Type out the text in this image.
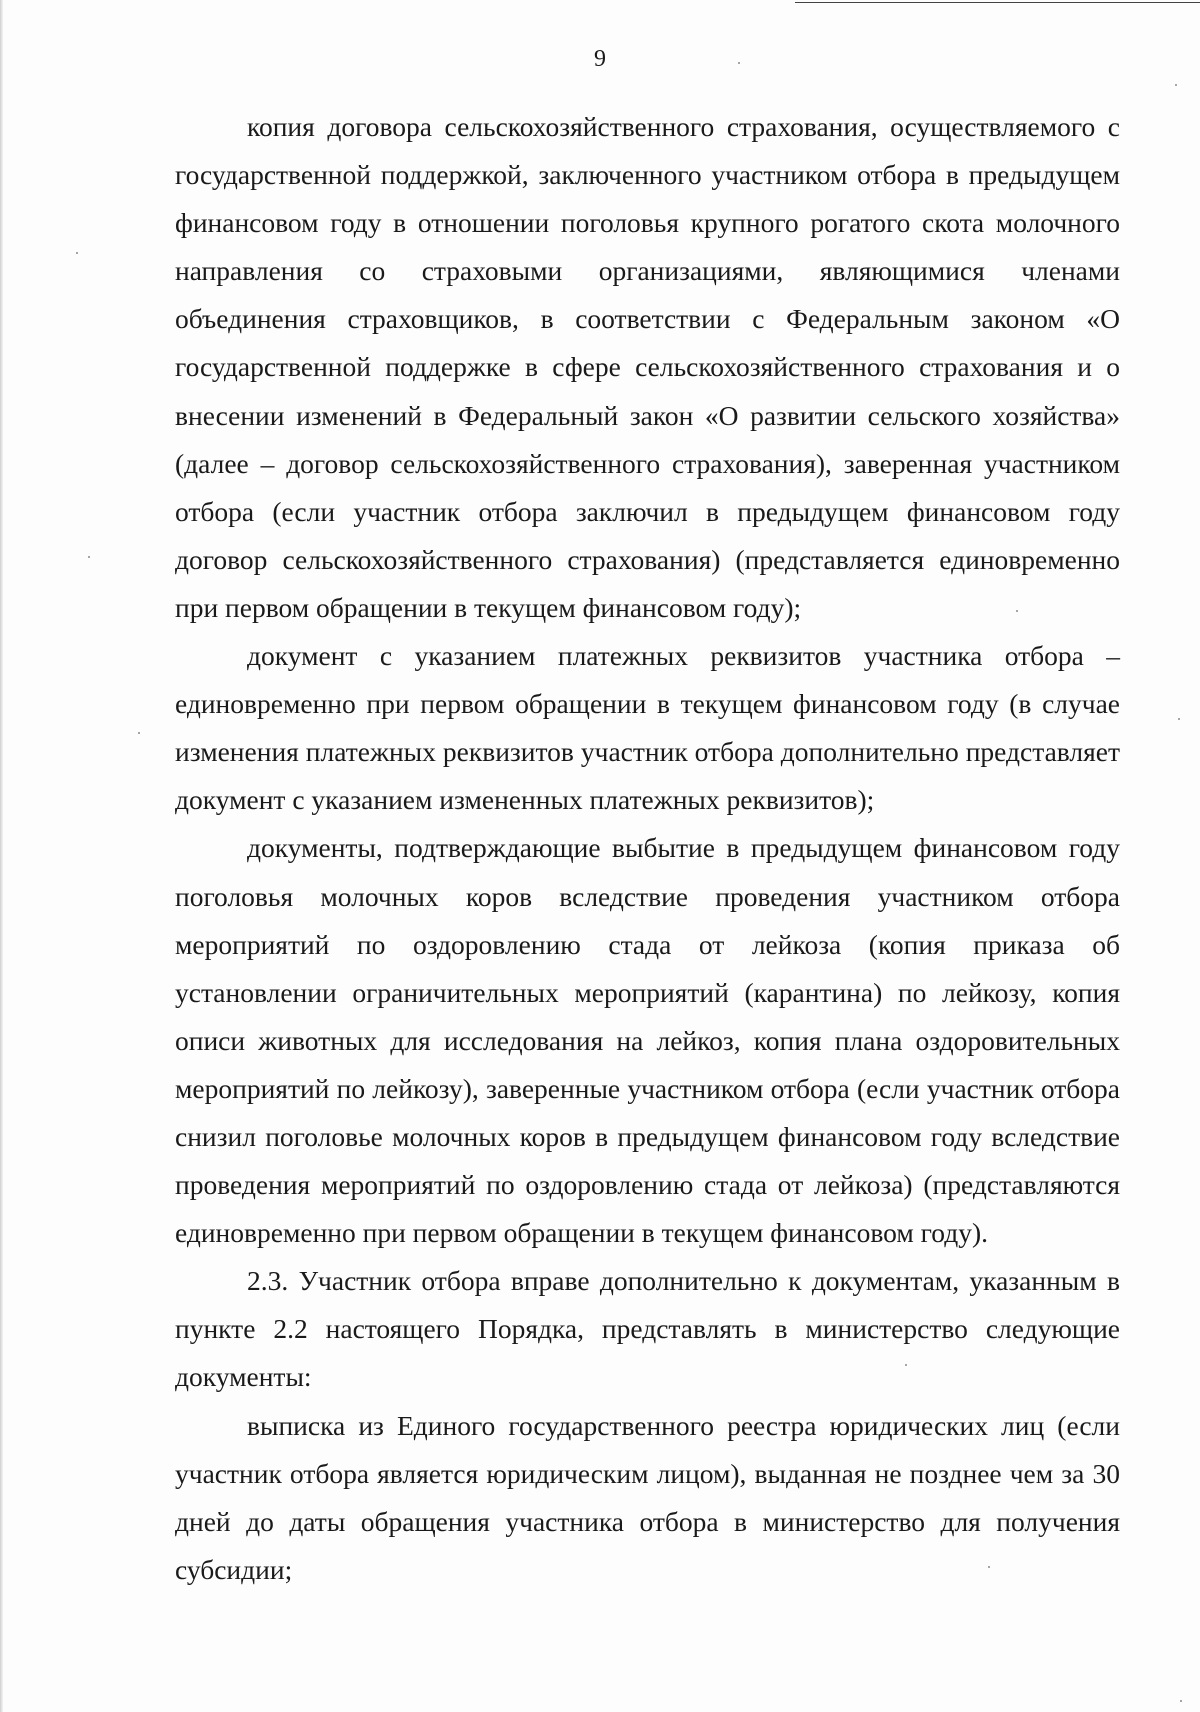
9

копия договора сельскохозяйственного страхования, осуществляемого с государственной поддержкой, заключенного участником отбора в предыдущем финансовом году в отношении поголовья крупного рогатого скота молочного направления со страховыми организациями, являющимися членами объединения страховщиков, в соответствии с Федеральным законом «О государственной поддержке в сфере сельскохозяйственного страхования и о внесении изменений в Федеральный закон «О развитии сельского хозяйства» (далее – договор сельскохозяйственного страхования), заверенная участником отбора (если участник отбора заключил в предыдущем финансовом году договор сельскохозяйственного страхования) (представляется единовременно при первом обращении в текущем финансовом году);

документ с указанием платежных реквизитов участника отбора – единовременно при первом обращении в текущем финансовом году (в случае изменения платежных реквизитов участник отбора дополнительно представляет документ с указанием измененных платежных реквизитов);

документы, подтверждающие выбытие в предыдущем финансовом году поголовья молочных коров вследствие проведения участником отбора мероприятий по оздоровлению стада от лейкоза (копия приказа об установлении ограничительных мероприятий (карантина) по лейкозу, копия описи животных для исследования на лейкоз, копия плана оздоровительных мероприятий по лейкозу), заверенные участником отбора (если участник отбора снизил поголовье молочных коров в предыдущем финансовом году вследствие проведения мероприятий по оздоровлению стада от лейкоза) (представляются единовременно при первом обращении в текущем финансовом году).

2.3. Участник отбора вправе дополнительно к документам, указанным в пункте 2.2 настоящего Порядка, представлять в министерство следующие документы:

выписка из Единого государственного реестра юридических лиц (если участник отбора является юридическим лицом), выданная не позднее чем за 30 дней до даты обращения участника отбора в министерство для получения субсидии;
